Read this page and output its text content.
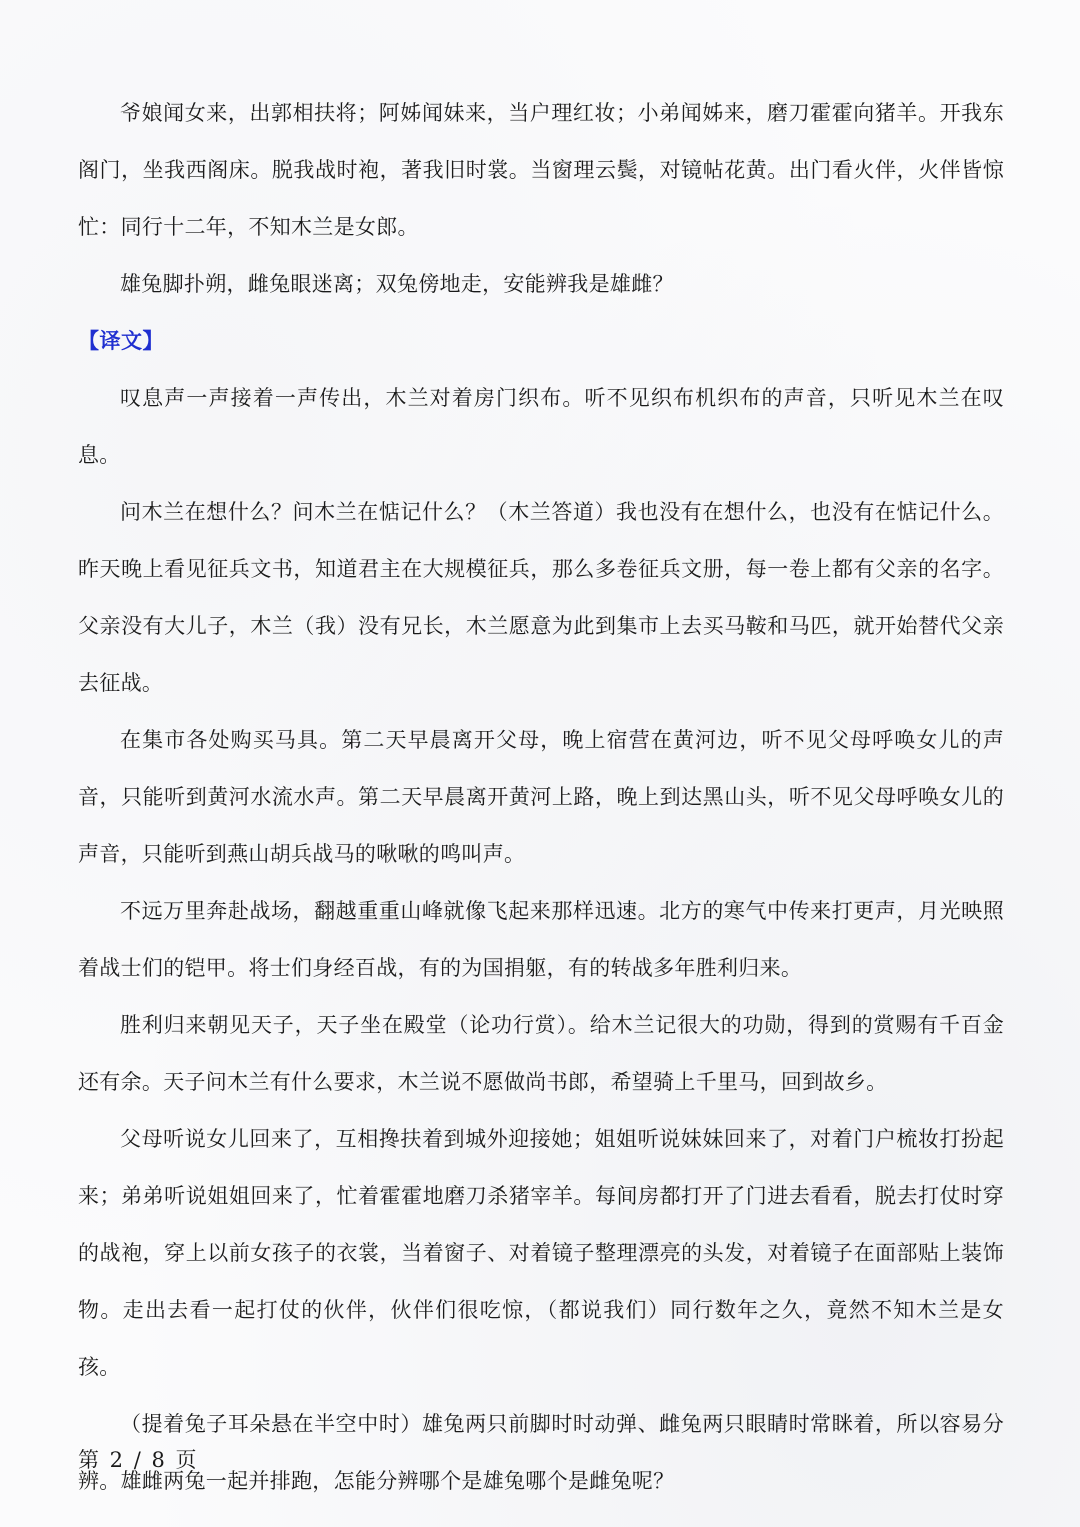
爷娘闻女来，出郭相扶将；阿姊闻妹来，当户理红妆；小弟闻姊来，磨刀霍霍向猪羊。开我东阁门，坐我西阁床。脱我战时袍，著我旧时裳。当窗理云鬓，对镜帖花黄。出门看火伴，火伴皆惊忙：同行十二年，不知木兰是女郎。

雄兔脚扑朔，雌兔眼迷离；双兔傍地走，安能辨我是雄雌？

【译文】

叹息声一声接着一声传出，木兰对着房门织布。听不见织布机织布的声音，只听见木兰在叹息。

问木兰在想什么？问木兰在惦记什么？（木兰答道）我也没有在想什么，也没有在惦记什么。昨天晚上看见征兵文书，知道君主在大规模征兵，那么多卷征兵文册，每一卷上都有父亲的名字。父亲没有大儿子，木兰（我）没有兄长，木兰愿意为此到集市上去买马鞍和马匹，就开始替代父亲去征战。

在集市各处购买马具。第二天早晨离开父母，晚上宿营在黄河边，听不见父母呼唤女儿的声音，只能听到黄河水流水声。第二天早晨离开黄河上路，晚上到达黑山头，听不见父母呼唤女儿的声音，只能听到燕山胡兵战马的啾啾的鸣叫声。

不远万里奔赴战场，翻越重重山峰就像飞起来那样迅速。北方的寒气中传来打更声，月光映照着战士们的铠甲。将士们身经百战，有的为国捐躯，有的转战多年胜利归来。

胜利归来朝见天子，天子坐在殿堂（论功行赏）。给木兰记很大的功勋，得到的赏赐有千百金还有余。天子问木兰有什么要求，木兰说不愿做尚书郎，希望骑上千里马，回到故乡。

父母听说女儿回来了，互相搀扶着到城外迎接她；姐姐听说妹妹回来了，对着门户梳妆打扮起来；弟弟听说姐姐回来了，忙着霍霍地磨刀杀猪宰羊。每间房都打开了门进去看看，脱去打仗时穿的战袍，穿上以前女孩子的衣裳，当着窗子、对着镜子整理漂亮的头发，对着镜子在面部贴上装饰物。走出去看一起打仗的伙伴，伙伴们很吃惊，（都说我们）同行数年之久，竟然不知木兰是女孩。

（提着兔子耳朵悬在半空中时）雄兔两只前脚时时动弹、雌兔两只眼睛时常眯着，所以容易分辨。雄雌两兔一起并排跑，怎能分辨哪个是雄兔哪个是雌兔呢？

第 2 / 8 页
